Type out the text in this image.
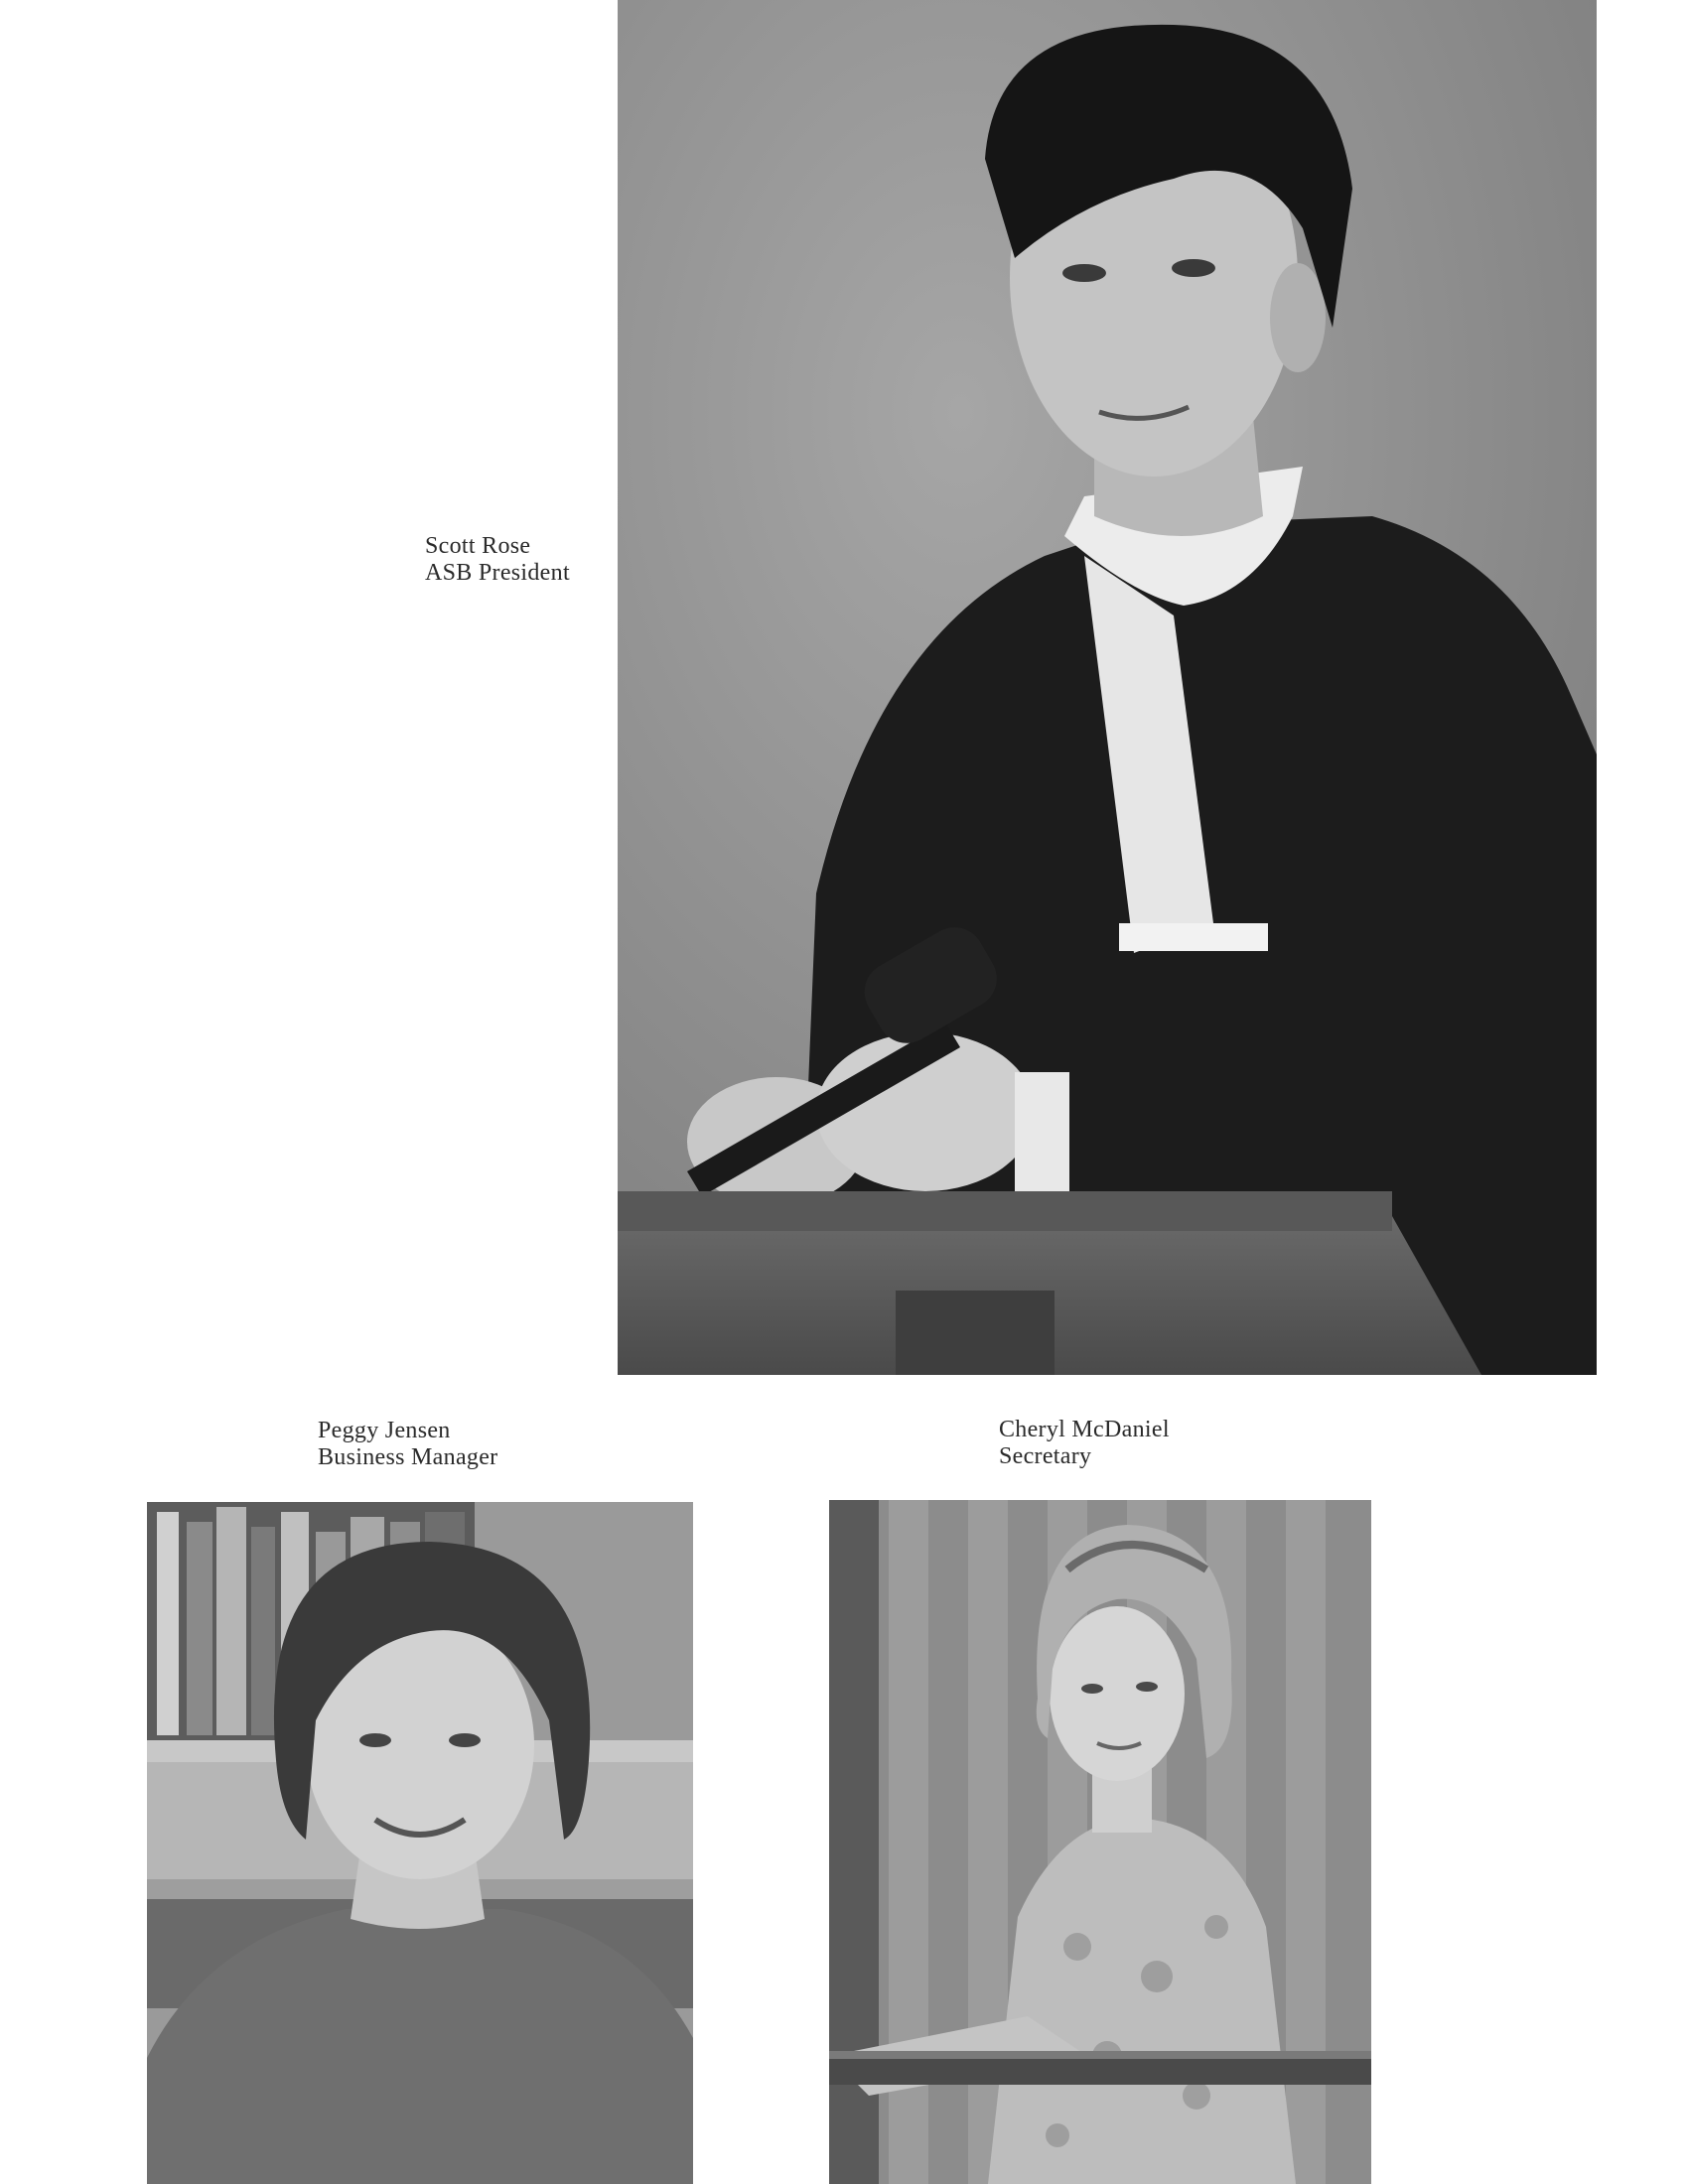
Scott Rose
ASB President
Peggy Jensen
Business Manager
Cheryl McDaniel
Secretary
